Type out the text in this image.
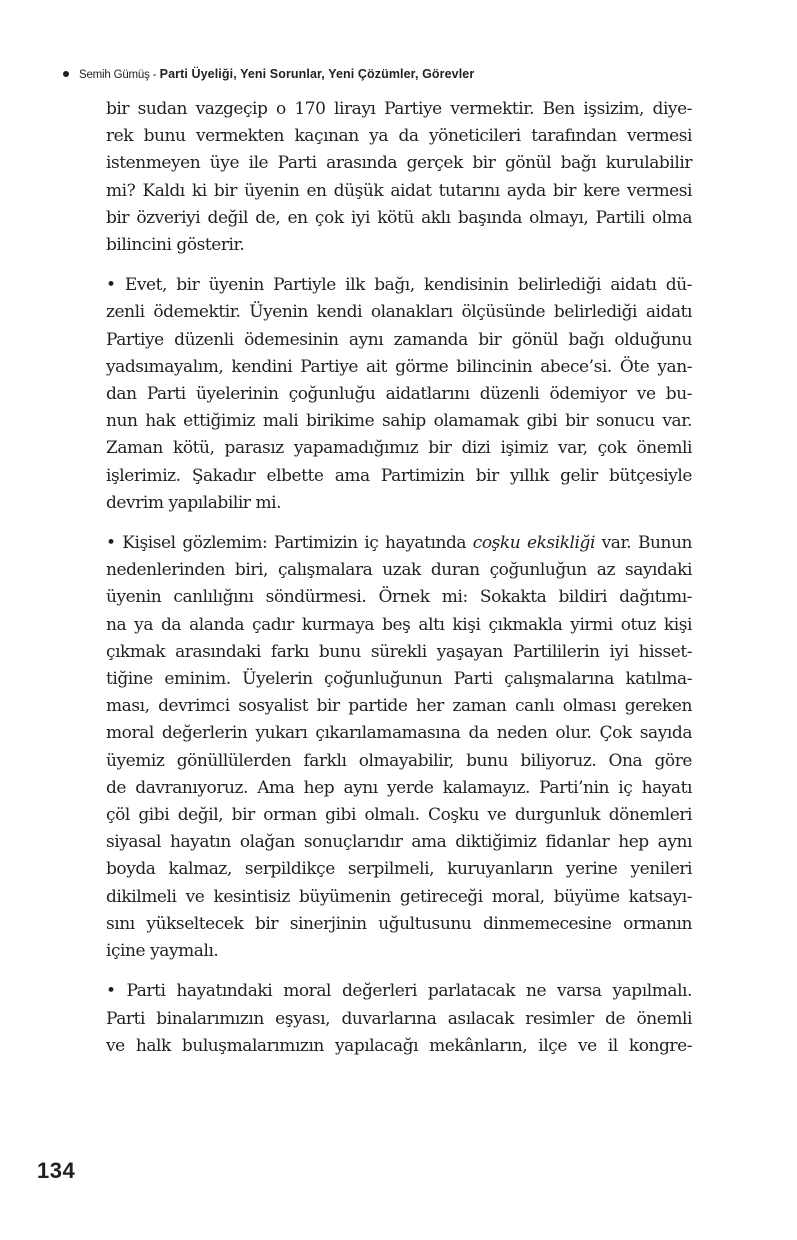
Semih Gümüş - Parti Üyeliği, Yeni Sorunlar, Yeni Çözümler, Görevler

bir sudan vazgeçip o 170 lirayı Partiye vermektir. Ben işsizim, diye-
rek bunu vermekten kaçınan ya da yöneticileri tarafından vermesi
istenmeyen üye ile Parti arasında gerçek bir gönül bağı kurulabilir
mi? Kaldı ki bir üyenin en düşük aidat tutarını ayda bir kere vermesi
bir özveriyi değil de, en çok iyi kötü aklı başında olmayı, Partili olma
bilincini gösterir.

• Evet, bir üyenin Partiyle ilk bağı, kendisinin belirlediği aidatı dü-
zenli ödemektir. Üyenin kendi olanakları ölçüsünde belirlediği aidatı
Partiye düzenli ödemesinin aynı zamanda bir gönül bağı olduğunu
yadsımayalım, kendini Partiye ait görme bilincinin abece’si. Öte yan-
dan Parti üyelerinin çoğunluğu aidatlarını düzenli ödemiyor ve bu-
nun hak ettiğimiz mali birikime sahip olamamak gibi bir sonucu var.
Zaman kötü, parasız yapamadığımız bir dizi işimiz var, çok önemli
işlerimiz. Şakadır elbette ama Partimizin bir yıllık gelir bütçesiyle
devrim yapılabilir mi.

• Kişisel gözlemim: Partimizin iç hayatında coşku eksikliği var. Bunun
nedenlerinden biri, çalışmalara uzak duran çoğunluğun az sayıdaki
üyenin canlılığını söndürmesi. Örnek mi: Sokakta bildiri dağıtımı-
na ya da alanda çadır kurmaya beş altı kişi çıkmakla yirmi otuz kişi
çıkmak arasındaki farkı bunu sürekli yaşayan Partililerin iyi hisset-
tiğine eminim. Üyelerin çoğunluğunun Parti çalışmalarına katılma-
ması, devrimci sosyalist bir partide her zaman canlı olması gereken
moral değerlerin yukarı çıkarılamamasına da neden olur. Çok sayıda
üyemiz gönüllülerden farklı olmayabilir, bunu biliyoruz. Ona göre
de davranıyoruz. Ama hep aynı yerde kalamayız. Parti’nin iç hayatı
çöl gibi değil, bir orman gibi olmalı. Coşku ve durgunluk dönemleri
siyasal hayatın olağan sonuçlarıdır ama diktiğimiz fidanlar hep aynı
boyda kalmaz, serpildikçe serpilmeli, kuruyanların yerine yenileri
dikilmeli ve kesintisiz büyümenin getireceği moral, büyüme katsayı-
sını yükseltecek bir sinerjinin uğultusunu dinmemecesine ormanın
içine yaymalı.

• Parti hayatındaki moral değerleri parlatacak ne varsa yapılmalı.
Parti binalarımızın eşyası, duvarlarına asılacak resimler de önemli
ve halk buluşmalarımızın yapılacağı mekânların, ilçe ve il kongre-

134
